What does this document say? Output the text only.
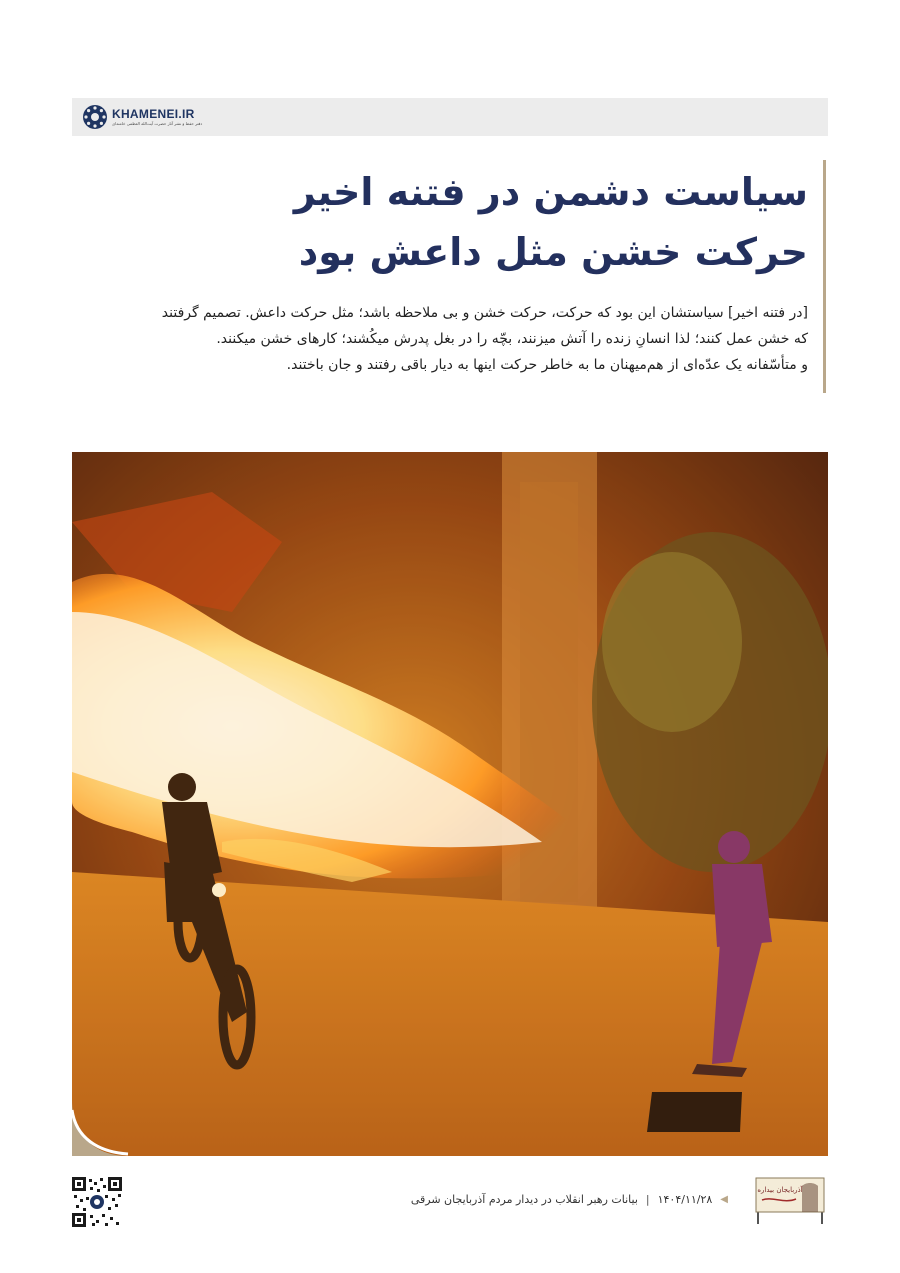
KHAMENEI.IR
دفتر حفظ و نشر آثار حضرت آیت‌الله العظمی خامنه‌ای
سیاست دشمن در فتنه اخیر
حرکت خشن مثل داعش بود

[در فتنه اخیر] سیاستشان این بود که حرکت، حرکت خشن و بی ملاحظه باشد؛ مثل حرکت داعش. تصمیم گرفتند
که خشن عمل کنند؛ لذا انسانِ زنده را آتش میزنند، بچّه را در بغل پدرش میکُشند؛ کارهای خشن میکنند.
و متأسّفانه یک عدّه‌ای از هم‌میهنان ما به خاطر حرکت اینها به دیار باقی رفتند و جان باختند.

◀
۱۴۰۴/۱۱/۲۸
|
بیانات رهبر انقلاب در دیدار مردم آذربایجان شرقی
آذربایجان بیداره
